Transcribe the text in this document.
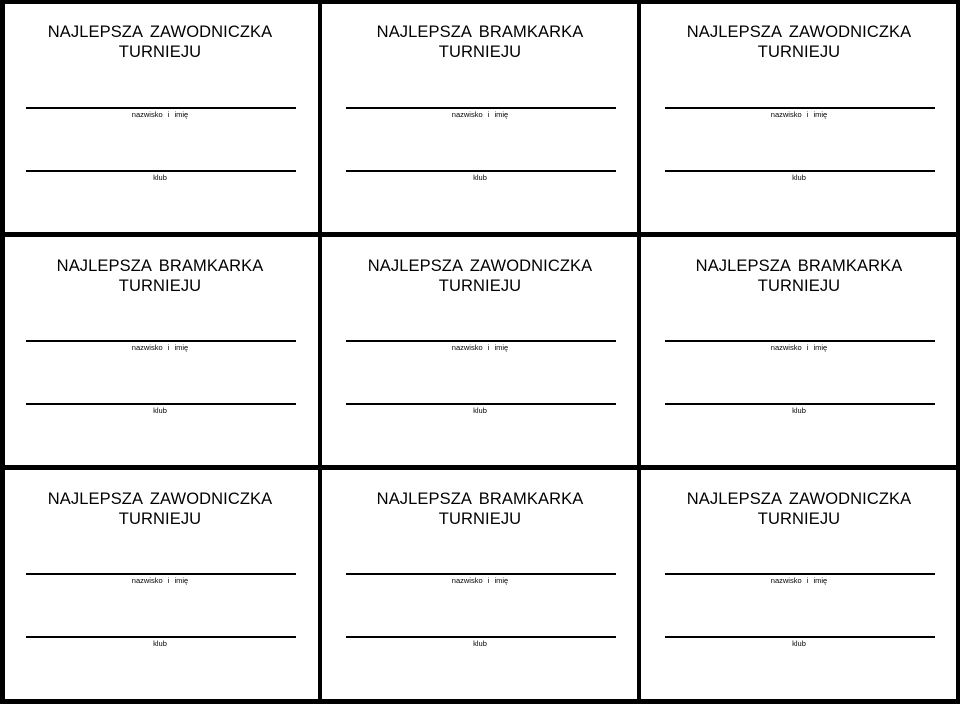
NAJLEPSZA ZAWODNICZKA
TURNIEJU
nazwisko i imię
klub
NAJLEPSZA BRAMKARKA
TURNIEJU
nazwisko i imię
klub
NAJLEPSZA ZAWODNICZKA
TURNIEJU
nazwisko i imię
klub
NAJLEPSZA BRAMKARKA
TURNIEJU
nazwisko i imię
klub
NAJLEPSZA ZAWODNICZKA
TURNIEJU
nazwisko i imię
klub
NAJLEPSZA BRAMKARKA
TURNIEJU
nazwisko i imię
klub
NAJLEPSZA ZAWODNICZKA
TURNIEJU
nazwisko i imię
klub
NAJLEPSZA BRAMKARKA
TURNIEJU
nazwisko i imię
klub
NAJLEPSZA ZAWODNICZKA
TURNIEJU
nazwisko i imię
klub
